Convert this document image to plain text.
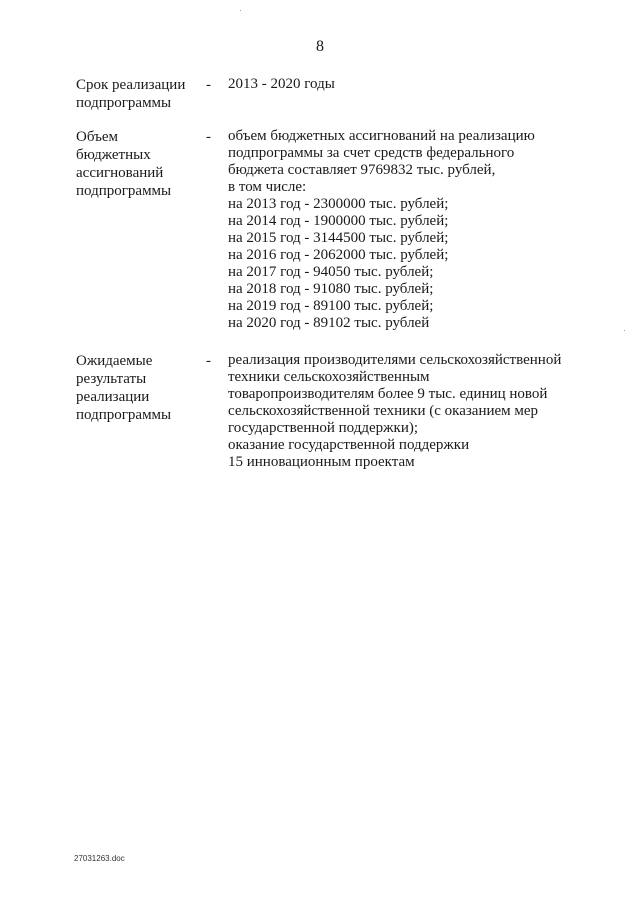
8
Срок реализации
подпрограммы
- 2013 - 2020 годы
Объем
бюджетных
ассигнований
подпрограммы
- объем бюджетных ассигнований на реализацию
подпрограммы за счет средств федерального
бюджета составляет 9769832 тыс. рублей,
в том числе:
на 2013 год - 2300000 тыс. рублей;
на 2014 год - 1900000 тыс. рублей;
на 2015 год - 3144500 тыс. рублей;
на 2016 год - 2062000 тыс. рублей;
на 2017 год - 94050 тыс. рублей;
на 2018 год - 91080 тыс. рублей;
на 2019 год - 89100 тыс. рублей;
на 2020 год - 89102 тыс. рублей
Ожидаемые
результаты
реализации
подпрограммы
- реализация производителями сельскохозяйственной
техники сельскохозяйственным
товаропроизводителям более 9 тыс. единиц новой
сельскохозяйственной техники (с оказанием мер
государственной поддержки);
оказание государственной поддержки
15 инновационным проектам
27031263.doc
